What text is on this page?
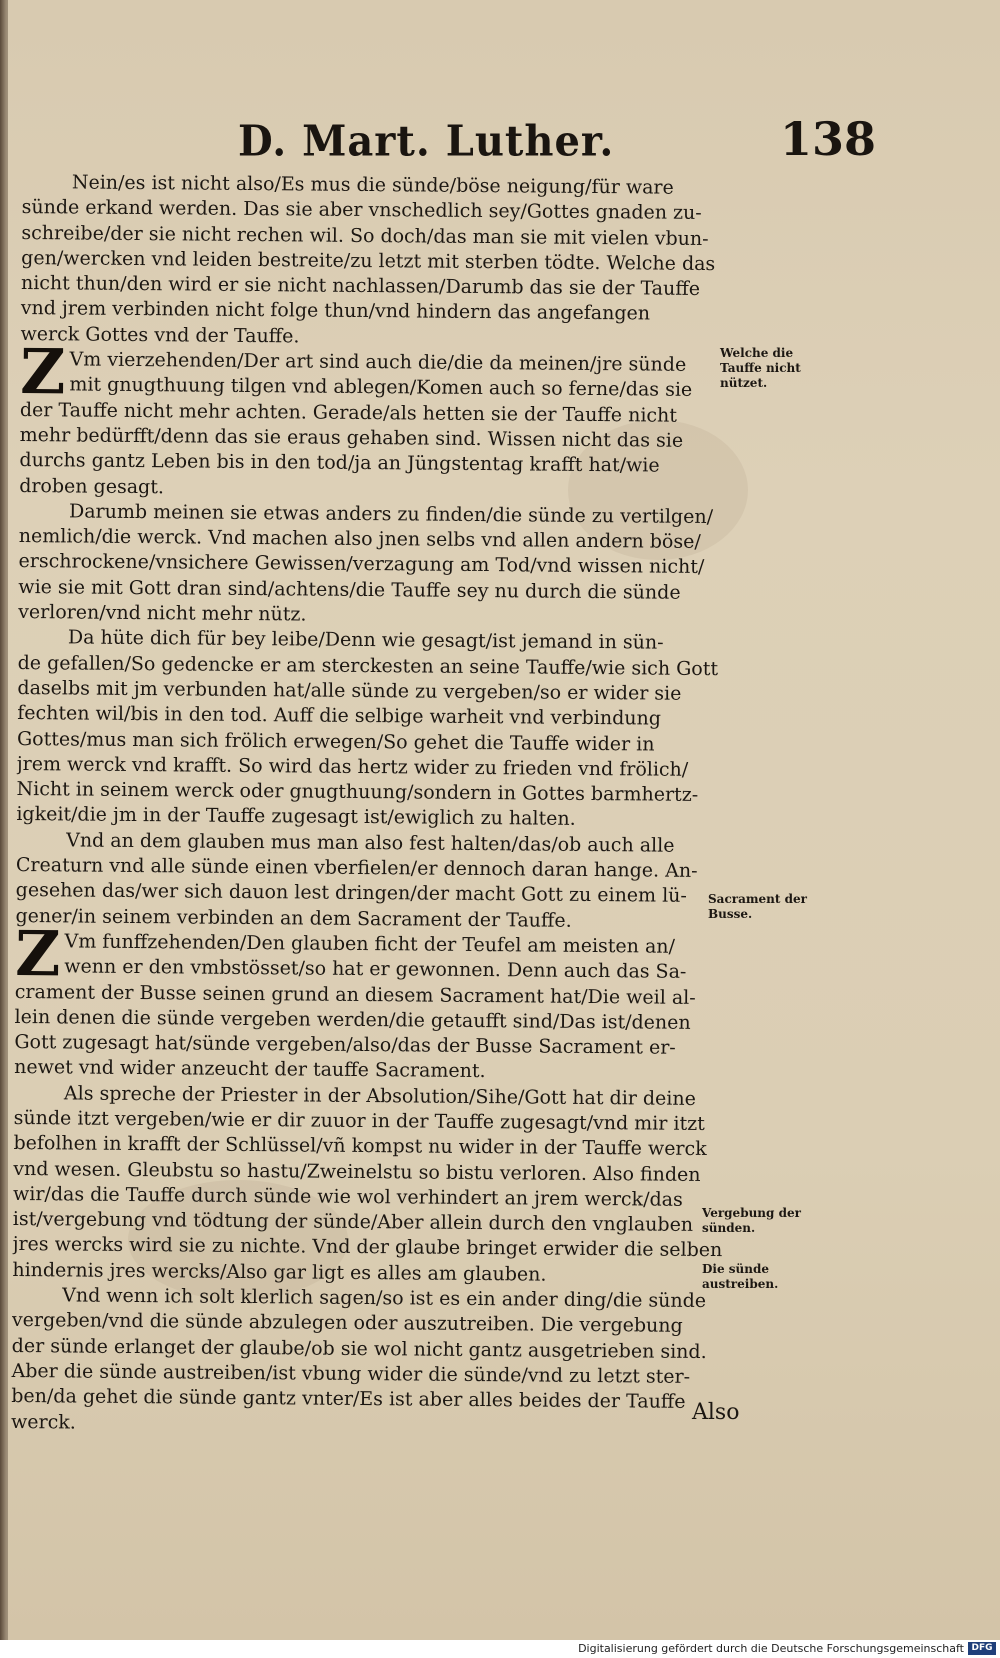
D. Mart. Luther.	138

Nein/es ist nicht also/Es mus die sünde/böse neigung/für ware
sünde erkand werden. Das sie aber vnschedlich sey/Gottes gnaden zu-
schreibe/der sie nicht rechen wil. So doch/das man sie mit vielen vbun-
gen/wercken vnd leiden bestreite/zu letzt mit sterben tödte. Welche das
nicht thun/den wird er sie nicht nachlassen/Darumb das sie der Tauffe
vnd jrem verbinden nicht folge thun/vnd hindern das angefangen
werck Gottes vnd der Tauffe.

Z Vm vierzehenden/Der art sind auch die/die da meinen/jre sünde
mit gnugthuung tilgen vnd ablegen/Komen auch so ferne/das sie
der Tauffe nicht mehr achten. Gerade/als hetten sie der Tauffe nicht
mehr bedürfft/denn das sie eraus gehaben sind. Wissen nicht das sie
durchs gantz Leben bis in den tod/ja an Jüngstentag krafft hat/wie
droben gesagt.

Darumb meinen sie etwas anders zu finden/die sünde zu vertilgen/
nemlich/die werck. Vnd machen also jnen selbs vnd allen andern böse/
erschrockene/vnsichere Gewissen/verzagung am Tod/vnd wissen nicht/
wie sie mit Gott dran sind/achtens/die Tauffe sey nu durch die sünde
verloren/vnd nicht mehr nütz.

Da hüte dich für bey leibe/Denn wie gesagt/ist jemand in sün-
de gefallen/So gedencke er am sterckesten an seine Tauffe/wie sich Gott
daselbs mit jm verbunden hat/alle sünde zu vergeben/so er wider sie
fechten wil/bis in den tod. Auff die selbige warheit vnd verbindung
Gottes/mus man sich frölich erwegen/So gehet die Tauffe wider in
jrem werck vnd krafft. So wird das hertz wider zu frieden vnd frölich/
Nicht in seinem werck oder gnugthuung/sondern in Gottes barmhertz-
igkeit/die jm in der Tauffe zugesagt ist/ewiglich zu halten.

Vnd an dem glauben mus man also fest halten/das/ob auch alle
Creaturn vnd alle sünde einen vberfielen/er dennoch daran hange. An-
gesehen das/wer sich dauon lest dringen/der macht Gott zu einem lü-
gener/in seinem verbinden an dem Sacrament der Tauffe.

Z Vm funffzehenden/Den glauben ficht der Teufel am meisten an/
wenn er den vmbstösset/so hat er gewonnen. Denn auch das Sa-
crament der Busse seinen grund an diesem Sacrament hat/Die weil al-
lein denen die sünde vergeben werden/die getaufft sind/Das ist/denen
Gott zugesagt hat/sünde vergeben/also/das der Busse Sacrament er-
newet vnd wider anzeucht der tauffe Sacrament.

Als spreche der Priester in der Absolution/Sihe/Gott hat dir deine
sünde itzt vergeben/wie er dir zuuor in der Tauffe zugesagt/vnd mir itzt
befolhen in krafft der Schlüssel/vñ kompst nu wider in der Tauffe werck
vnd wesen. Gleubstu so hastu/Zweinelstu so bistu verloren. Also finden
wir/das die Tauffe durch sünde wie wol verhindert an jrem werck/das
ist/vergebung vnd tödtung der sünde/Aber allein durch den vnglauben
jres wercks wird sie zu nichte. Vnd der glaube bringet erwider die selben
hindernis jres wercks/Also gar ligt es alles am glauben.

Vnd wenn ich solt klerlich sagen/so ist es ein ander ding/die sünde
vergeben/vnd die sünde abzulegen oder auszutreiben. Die vergebung
der sünde erlanget der glaube/ob sie wol nicht gantz ausgetrieben sind.
Aber die sünde austreiben/ist vbung wider die sünde/vnd zu letzt ster-
ben/da gehet die sünde gantz vnter/Es ist aber alles beides der Tauffe
werck.

Welche die Tauffe nicht nützet.
Sacrament der Busse.
Vergebung der sünden.
Die sünde austreiben.
Also
Digitalisierung gefördert durch die Deutsche Forschungsgemeinschaft DFG
